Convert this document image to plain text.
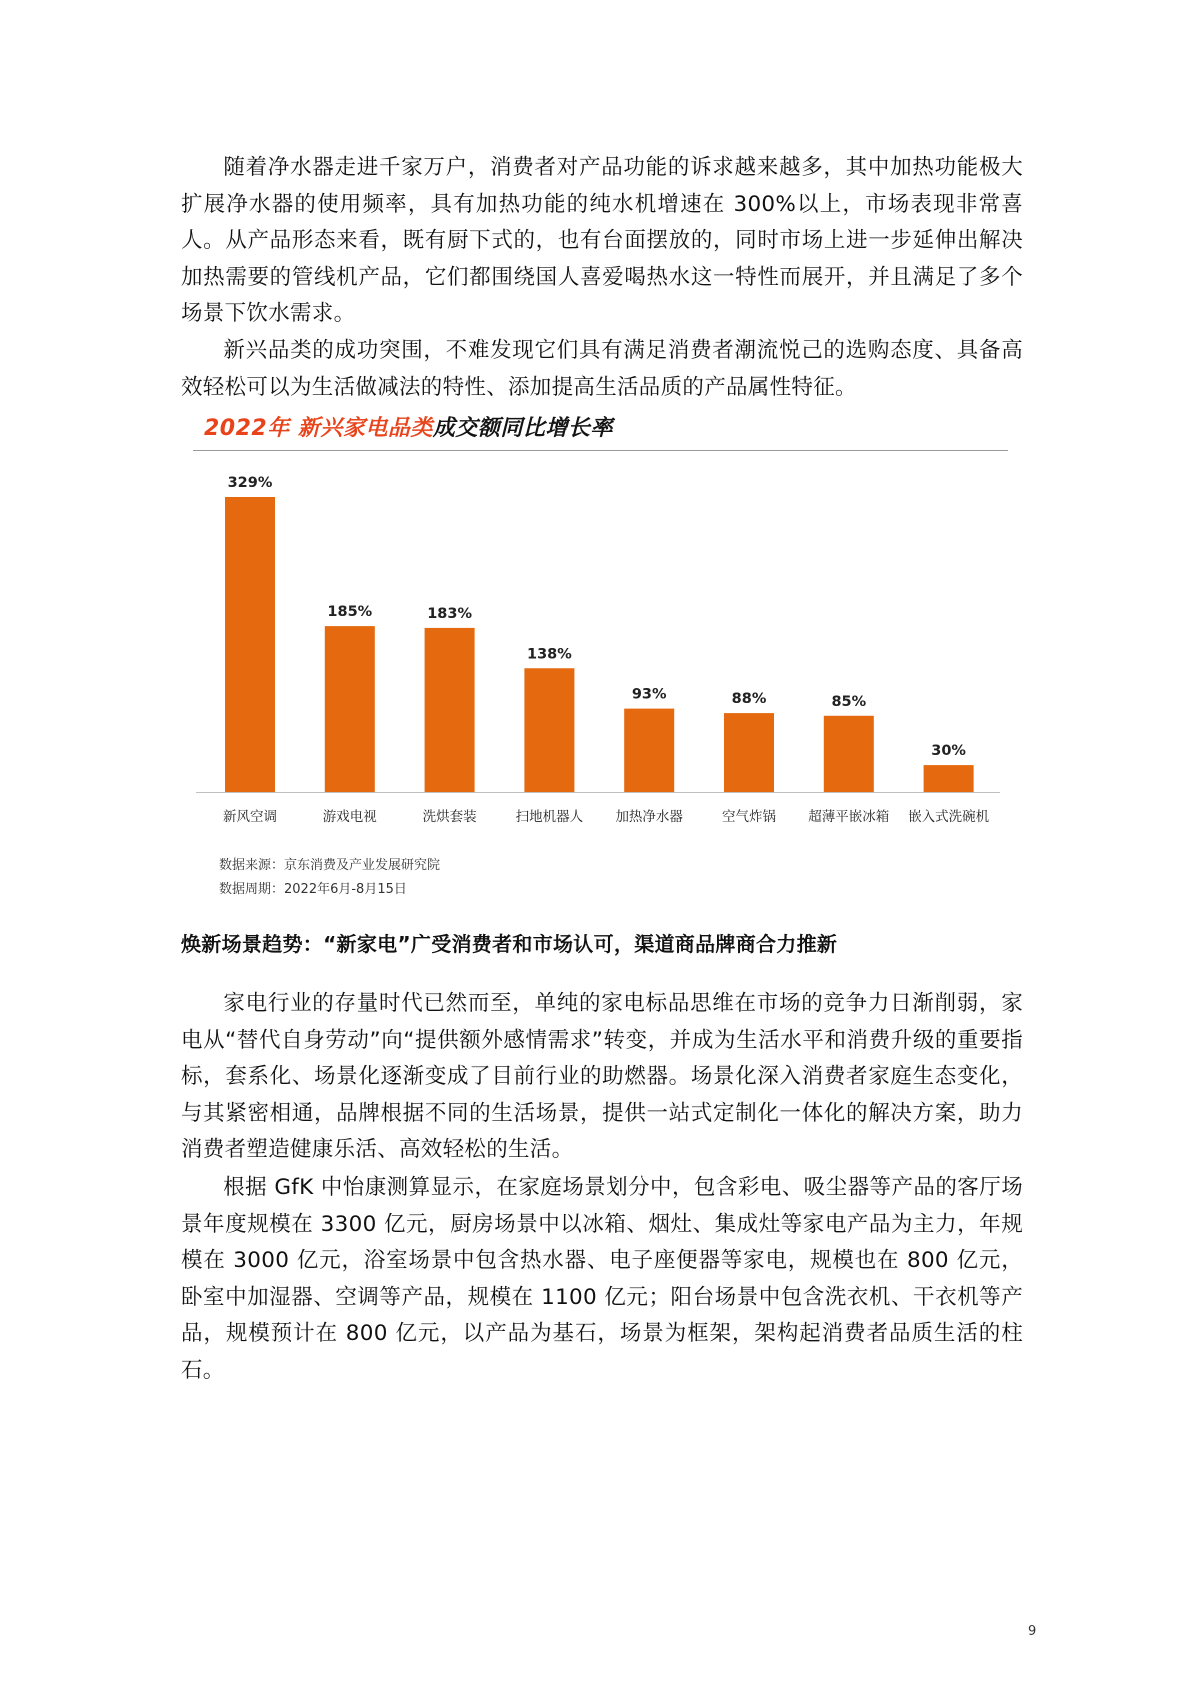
随着净水器走进千家万户，消费者对产品功能的诉求越来越多，其中加热功能极大扩展净水器的使用频率，具有加热功能的纯水机增速在 300%以上，市场表现非常喜人。从产品形态来看，既有厨下式的，也有台面摆放的，同时市场上进一步延伸出解决加热需要的管线机产品，它们都围绕国人喜爱喝热水这一特性而展开，并且满足了多个场景下饮水需求。

新兴品类的成功突围，不难发现它们具有满足消费者潮流悦己的选购态度、具备高效轻松可以为生活做减法的特性、添加提高生活品质的产品属性特征。

2022年 新兴家电品类成交额同比增长率

329%
新风空调
185%
游戏电视
183%
洗烘套装
138%
扫地机器人
93%
加热净水器
88%
空气炸锅
85%
超薄平嵌冰箱
30%
嵌入式洗碗机

数据来源：京东消费及产业发展研究院

数据周期：2022年6月-8月15日

焕新场景趋势：“新家电”广受消费者和市场认可，渠道商品牌商合力推新

家电行业的存量时代已然而至，单纯的家电标品思维在市场的竞争力日渐削弱，家电从“替代自身劳动”向“提供额外感情需求”转变，并成为生活水平和消费升级的重要指标，套系化、场景化逐渐变成了目前行业的助燃器。场景化深入消费者家庭生态变化，与其紧密相通，品牌根据不同的生活场景，提供一站式定制化一体化的解决方案，助力消费者塑造健康乐活、高效轻松的生活。

根据 GfK 中怡康测算显示，在家庭场景划分中，包含彩电、吸尘器等产品的客厅场景年度规模在 3300 亿元，厨房场景中以冰箱、烟灶、集成灶等家电产品为主力，年规模在 3000 亿元，浴室场景中包含热水器、电子座便器等家电，规模也在 800 亿元，卧室中加湿器、空调等产品，规模在 1100 亿元；阳台场景中包含洗衣机、干衣机等产品，规模预计在 800 亿元，以产品为基石，场景为框架，架构起消费者品质生活的柱石。

9
